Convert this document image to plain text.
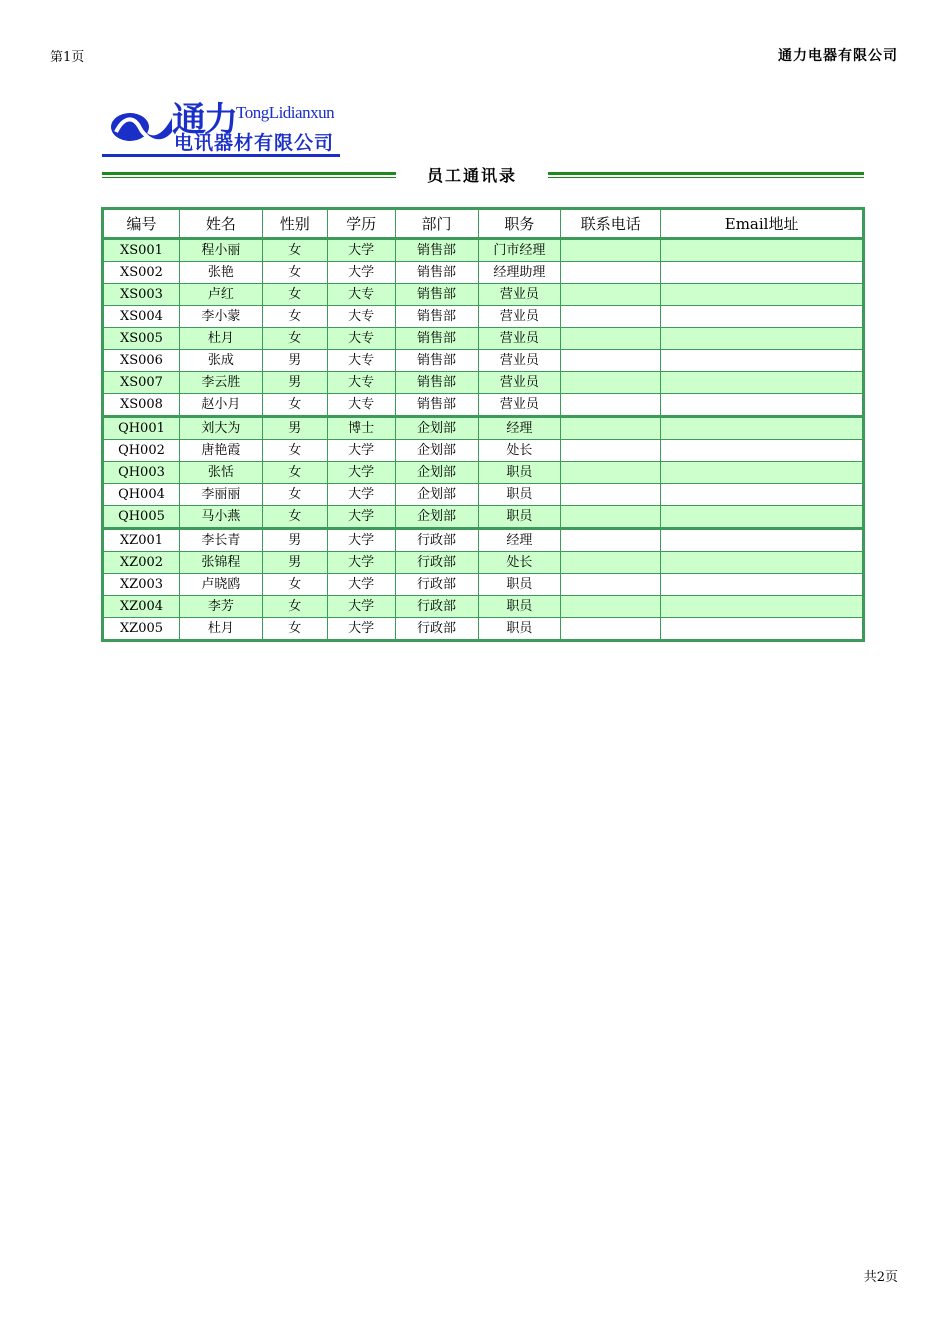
第1页	通力电器有限公司
通力 TongLidianxun
电讯器材有限公司
员工通讯录
编号	姓名	性别	学历	部门	职务	联系电话	Email地址
XS001	程小丽	女	大学	销售部	门市经理		
XS002	张艳	女	大学	销售部	经理助理		
XS003	卢红	女	大专	销售部	营业员		
XS004	李小蒙	女	大专	销售部	营业员		
XS005	杜月	女	大专	销售部	营业员		
XS006	张成	男	大专	销售部	营业员		
XS007	李云胜	男	大专	销售部	营业员		
XS008	赵小月	女	大专	销售部	营业员		
QH001	刘大为	男	博士	企划部	经理		
QH002	唐艳霞	女	大学	企划部	处长		
QH003	张恬	女	大学	企划部	职员		
QH004	李丽丽	女	大学	企划部	职员		
QH005	马小燕	女	大学	企划部	职员		
XZ001	李长青	男	大学	行政部	经理		
XZ002	张锦程	男	大学	行政部	处长		
XZ003	卢晓鸥	女	大学	行政部	职员		
XZ004	李芳	女	大学	行政部	职员		
XZ005	杜月	女	大学	行政部	职员		
共2页
